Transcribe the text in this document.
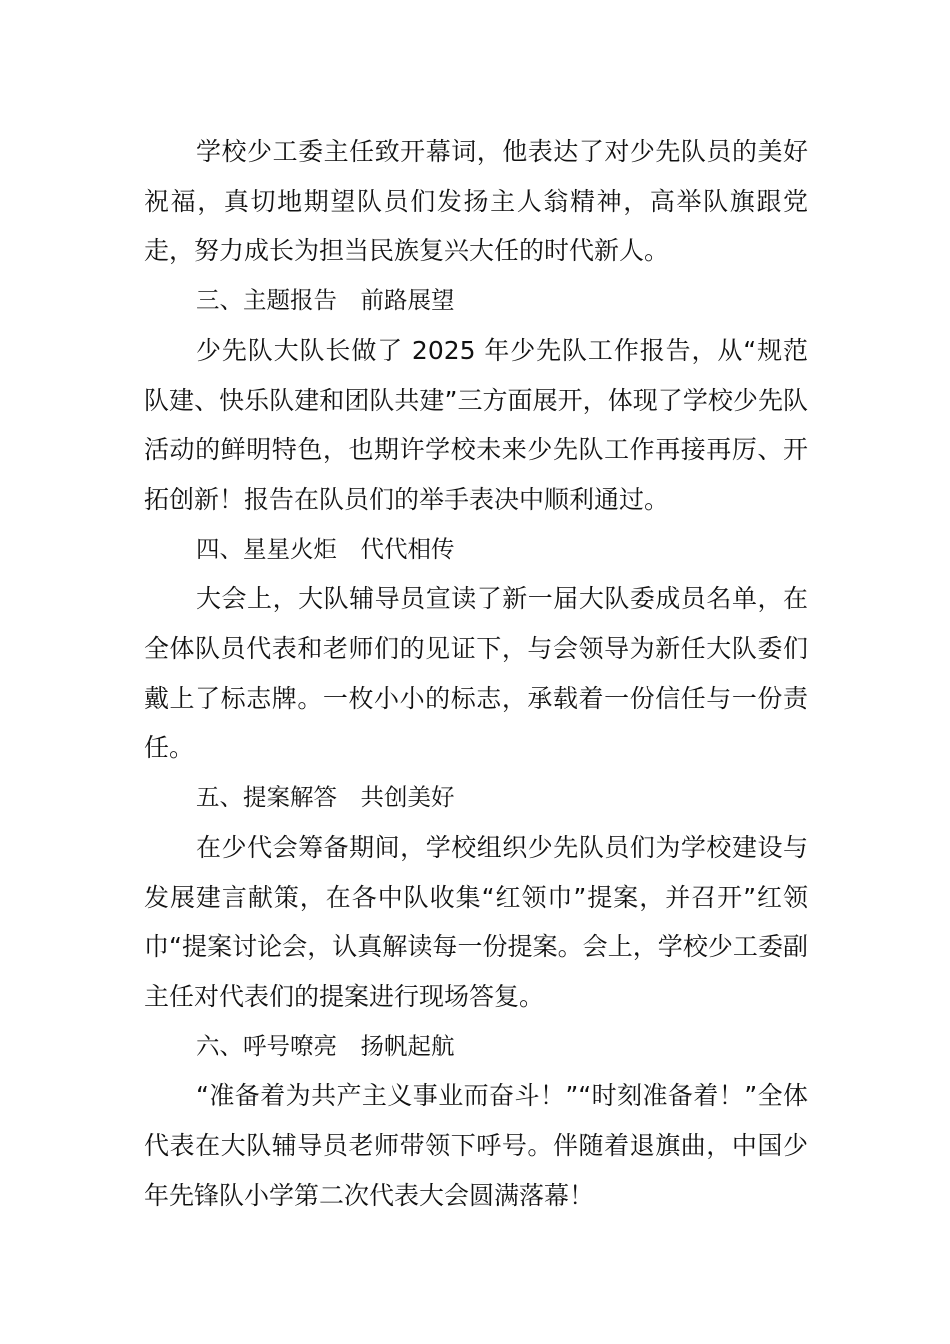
学校少工委主任致开幕词，他表达了对少先队员的美好祝福，真切地期望队员们发扬主人翁精神，高举队旗跟党走，努力成长为担当民族复兴大任的时代新人。

三、主题报告　前路展望

少先队大队长做了 2025 年少先队工作报告，从“规范队建、快乐队建和团队共建”三方面展开，体现了学校少先队活动的鲜明特色，也期许学校未来少先队工作再接再厉、开拓创新！报告在队员们的举手表决中顺利通过。

四、星星火炬　代代相传

大会上，大队辅导员宣读了新一届大队委成员名单，在全体队员代表和老师们的见证下，与会领导为新任大队委们戴上了标志牌。一枚小小的标志，承载着一份信任与一份责任。

五、提案解答　共创美好

在少代会筹备期间，学校组织少先队员们为学校建设与发展建言献策，在各中队收集“红领巾”提案，并召开”红领巾“提案讨论会，认真解读每一份提案。会上，学校少工委副主任对代表们的提案进行现场答复。

六、呼号嘹亮　扬帆起航

“准备着为共产主义事业而奋斗！”“时刻准备着！”全体代表在大队辅导员老师带领下呼号。伴随着退旗曲，中国少年先锋队小学第二次代表大会圆满落幕！
